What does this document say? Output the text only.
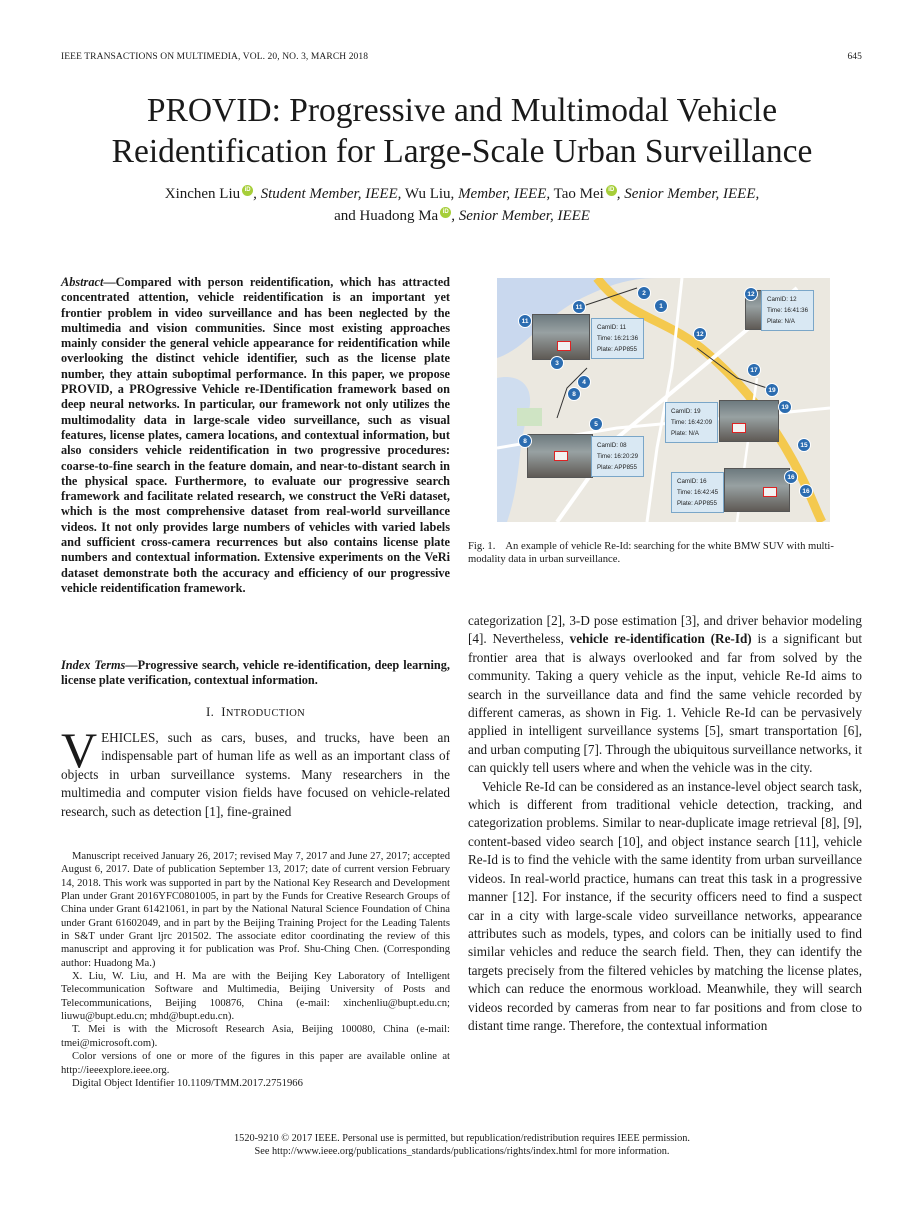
IEEE TRANSACTIONS ON MULTIMEDIA, VOL. 20, NO. 3, MARCH 2018	645
PROVID: Progressive and Multimodal Vehicle
Reidentification for Large-Scale Urban Surveillance
Xinchen Liu iD , Student Member, IEEE, Wu Liu, Member, IEEE, Tao Mei iD , Senior Member, IEEE,
and Huadong Ma iD , Senior Member, IEEE
Abstract—Compared with person reidentification, which has attracted concentrated attention, vehicle reidentification is an important yet frontier problem in video surveillance and has been neglected by the multimedia and vision communities. Since most existing approaches mainly consider the general vehicle appearance for reidentification while overlooking the distinct vehicle identifier, such as the license plate number, they attain suboptimal performance. In this paper, we propose PROVID, a PROgressive Vehicle re-IDentification framework based on deep neural networks. In particular, our framework not only utilizes the multimodality data in large-scale video surveillance, such as visual features, license plates, camera locations, and contextual information, but also considers vehicle reidentification in two progressive procedures: coarse-to-fine search in the feature domain, and near-to-distant search in the physical space. Furthermore, to evaluate our progressive search framework and facilitate related research, we construct the VeRi dataset, which is the most comprehensive dataset from real-world surveillance videos. It not only provides large numbers of vehicles with varied labels and sufficient cross-camera recurrences but also contains license plate numbers and contextual information. Extensive experiments on the VeRi dataset demonstrate both the accuracy and efficiency of our progressive vehicle reidentification framework.
Index Terms—Progressive search, vehicle re-identification, deep learning, license plate verification, contextual information.
I. INTRODUCTION
VEHICLES, such as cars, buses, and trucks, have been an indispensable part of human life as well as an important class of objects in urban surveillance systems. Many researchers in the multimedia and computer vision fields have focused on vehicle-related research, such as detection [1], fine-grained

Manuscript received January 26, 2017; revised May 7, 2017 and June 27, 2017; accepted August 6, 2017. Date of publication September 13, 2017; date of current version February 14, 2018. This work was supported in part by the National Key Research and Development Plan under Grant 2016YFC0801005, in part by the Funds for Creative Research Groups of China under Grant 61421061, in part by the National Natural Science Foundation of China under Grant 61602049, and in part by the Beijing Training Project for the Leading Talents in S&T under Grant ljrc 201502. The associate editor coordinating the review of this manuscript and approving it for publication was Prof. Shu-Ching Chen. (Corresponding author: Huadong Ma.)

X. Liu, W. Liu, and H. Ma are with the Beijing Key Laboratory of Intelligent Telecommunication Software and Multimedia, Beijing University of Posts and Telecommunications, Beijing 100876, China (e-mail: xinchenliu@bupt.edu.cn; liuwu@bupt.edu.cn; mhd@bupt.edu.cn).

T. Mei is with the Microsoft Research Asia, Beijing 100080, China (e-mail: tmei@microsoft.com).

Color versions of one or more of the figures in this paper are available online at http://ieeexplore.ieee.org.

Digital Object Identifier 10.1109/TMM.2017.2751966

CamID: 11
Time: 16:21:36
Plate: APP855
CamID: 12
Time: 16:41:36
Plate: N/A
CamID: 19
Time: 16:42:09
Plate: N/A
CamID: 08
Time: 16:20:29
Plate: APP855
CamID: 16
Time: 16:42:45
Plate: APP855
2
11	1
12
11
12
3
4
8
17
19
19
5
8
15
16
16
Fig. 1. An example of vehicle Re-Id: searching for the white BMW SUV with multi-modality data in urban surveillance.

categorization [2], 3-D pose estimation [3], and driver behavior modeling [4]. Nevertheless, vehicle re-identification (Re-Id) is a significant but frontier area that is always overlooked and far from solved by the community. Taking a query vehicle as the input, vehicle Re-Id aims to search in the surveillance data and find the same vehicle recorded by different cameras, as shown in Fig. 1. Vehicle Re-Id can be pervasively applied in intelligent surveillance systems [5], smart transportation [6], and urban computing [7]. Through the ubiquitous surveillance networks, it can quickly tell users where and when the vehicle was in the city.

Vehicle Re-Id can be considered as an instance-level object search task, which is different from traditional vehicle detection, tracking, and categorization problems. Similar to near-duplicate image retrieval [8], [9], content-based video search [10], and object instance search [11], vehicle Re-Id is to find the vehicle with the same identity from urban surveillance videos. In real-world practice, humans can treat this task in a progressive manner [12]. For instance, if the security officers need to find a suspect car in a city with large-scale video surveillance networks, appearance attributes such as models, types, and colors can be initially used to find similar vehicles and reduce the search field. Then, they can identify the targets precisely from the filtered vehicles by matching the license plates, which can reduce the enormous workload. Meanwhile, they will search videos recorded by cameras from near to far positions and from close to distant time range. Therefore, the contextual information

1520-9210 © 2017 IEEE. Personal use is permitted, but republication/redistribution requires IEEE permission.
See http://www.ieee.org/publications_standards/publications/rights/index.html for more information.
